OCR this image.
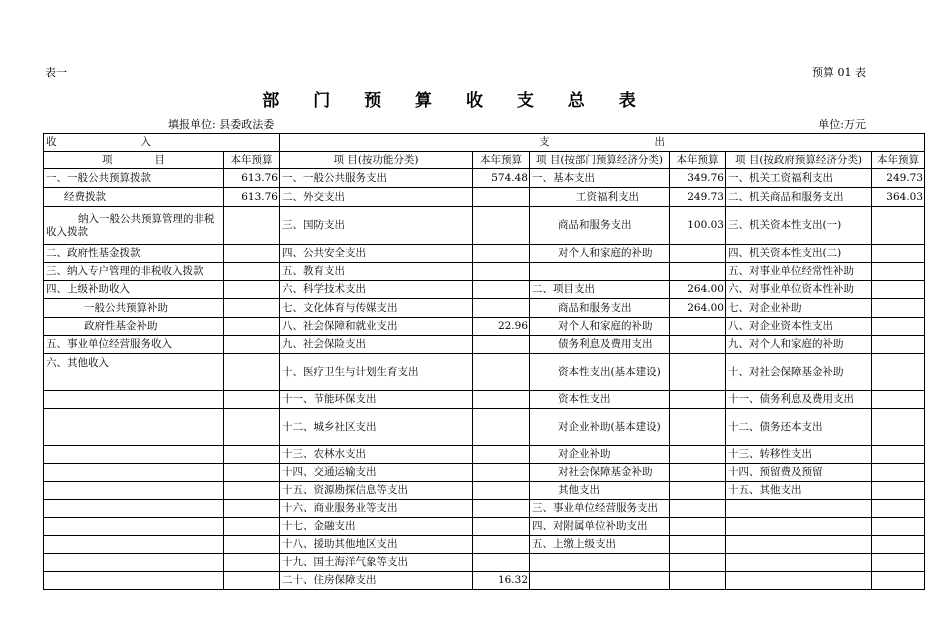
表一	预算 01 表
部 门 预 算 收 支 总 表
填报单位: 县委政法委	单位:万元
收　　　　　　　　入		支　　　　　　　　　　出					
项　　　　目	本年预算	项 目(按功能分类)	本年预算	项 目(按部门预算经济分类)	本年预算	项 目(按政府预算经济分类)	本年预算
一、一般公共预算拨款	613.76	一、一般公共服务支出	574.48	一、基本支出	349.76	一、机关工资福利支出	249.73
经费拨款	613.76	二、外交支出		工资福利支出	249.73	二、机关商品和服务支出	364.03
纳入一般公共预算管理的非税收入拨款		三、国防支出		商品和服务支出	100.03	三、机关资本性支出(一)	
二、政府性基金拨款		四、公共安全支出		对个人和家庭的补助		四、机关资本性支出(二)	
三、纳入专户管理的非税收入拨款		五、教育支出				五、对事业单位经常性补助	
四、上级补助收入		六、科学技术支出		二、项目支出	264.00	六、对事业单位资本性补助	
一般公共预算补助		七、文化体育与传媒支出		商品和服务支出	264.00	七、对企业补助	
政府性基金补助		八、社会保障和就业支出	22.96	对个人和家庭的补助		八、对企业资本性支出	
五、事业单位经营服务收入		九、社会保险支出		债务利息及费用支出		九、对个人和家庭的补助	
六、其他收入		十、医疗卫生与计划生育支出		资本性支出(基本建设)		十、对社会保障基金补助	
		十一、节能环保支出		资本性支出		十一、债务利息及费用支出	
		十二、城乡社区支出		对企业补助(基本建设)		十二、债务还本支出	
		十三、农林水支出		对企业补助		十三、转移性支出	
		十四、交通运输支出		对社会保障基金补助		十四、预留费及预留	
		十五、资源勘探信息等支出		其他支出		十五、其他支出	
		十六、商业服务业等支出		三、事业单位经营服务支出			
		十七、金融支出		四、对附属单位补助支出			
		十八、援助其他地区支出		五、上缴上级支出			
		十九、国土海洋气象等支出					
		二十、住房保障支出	16.32				
